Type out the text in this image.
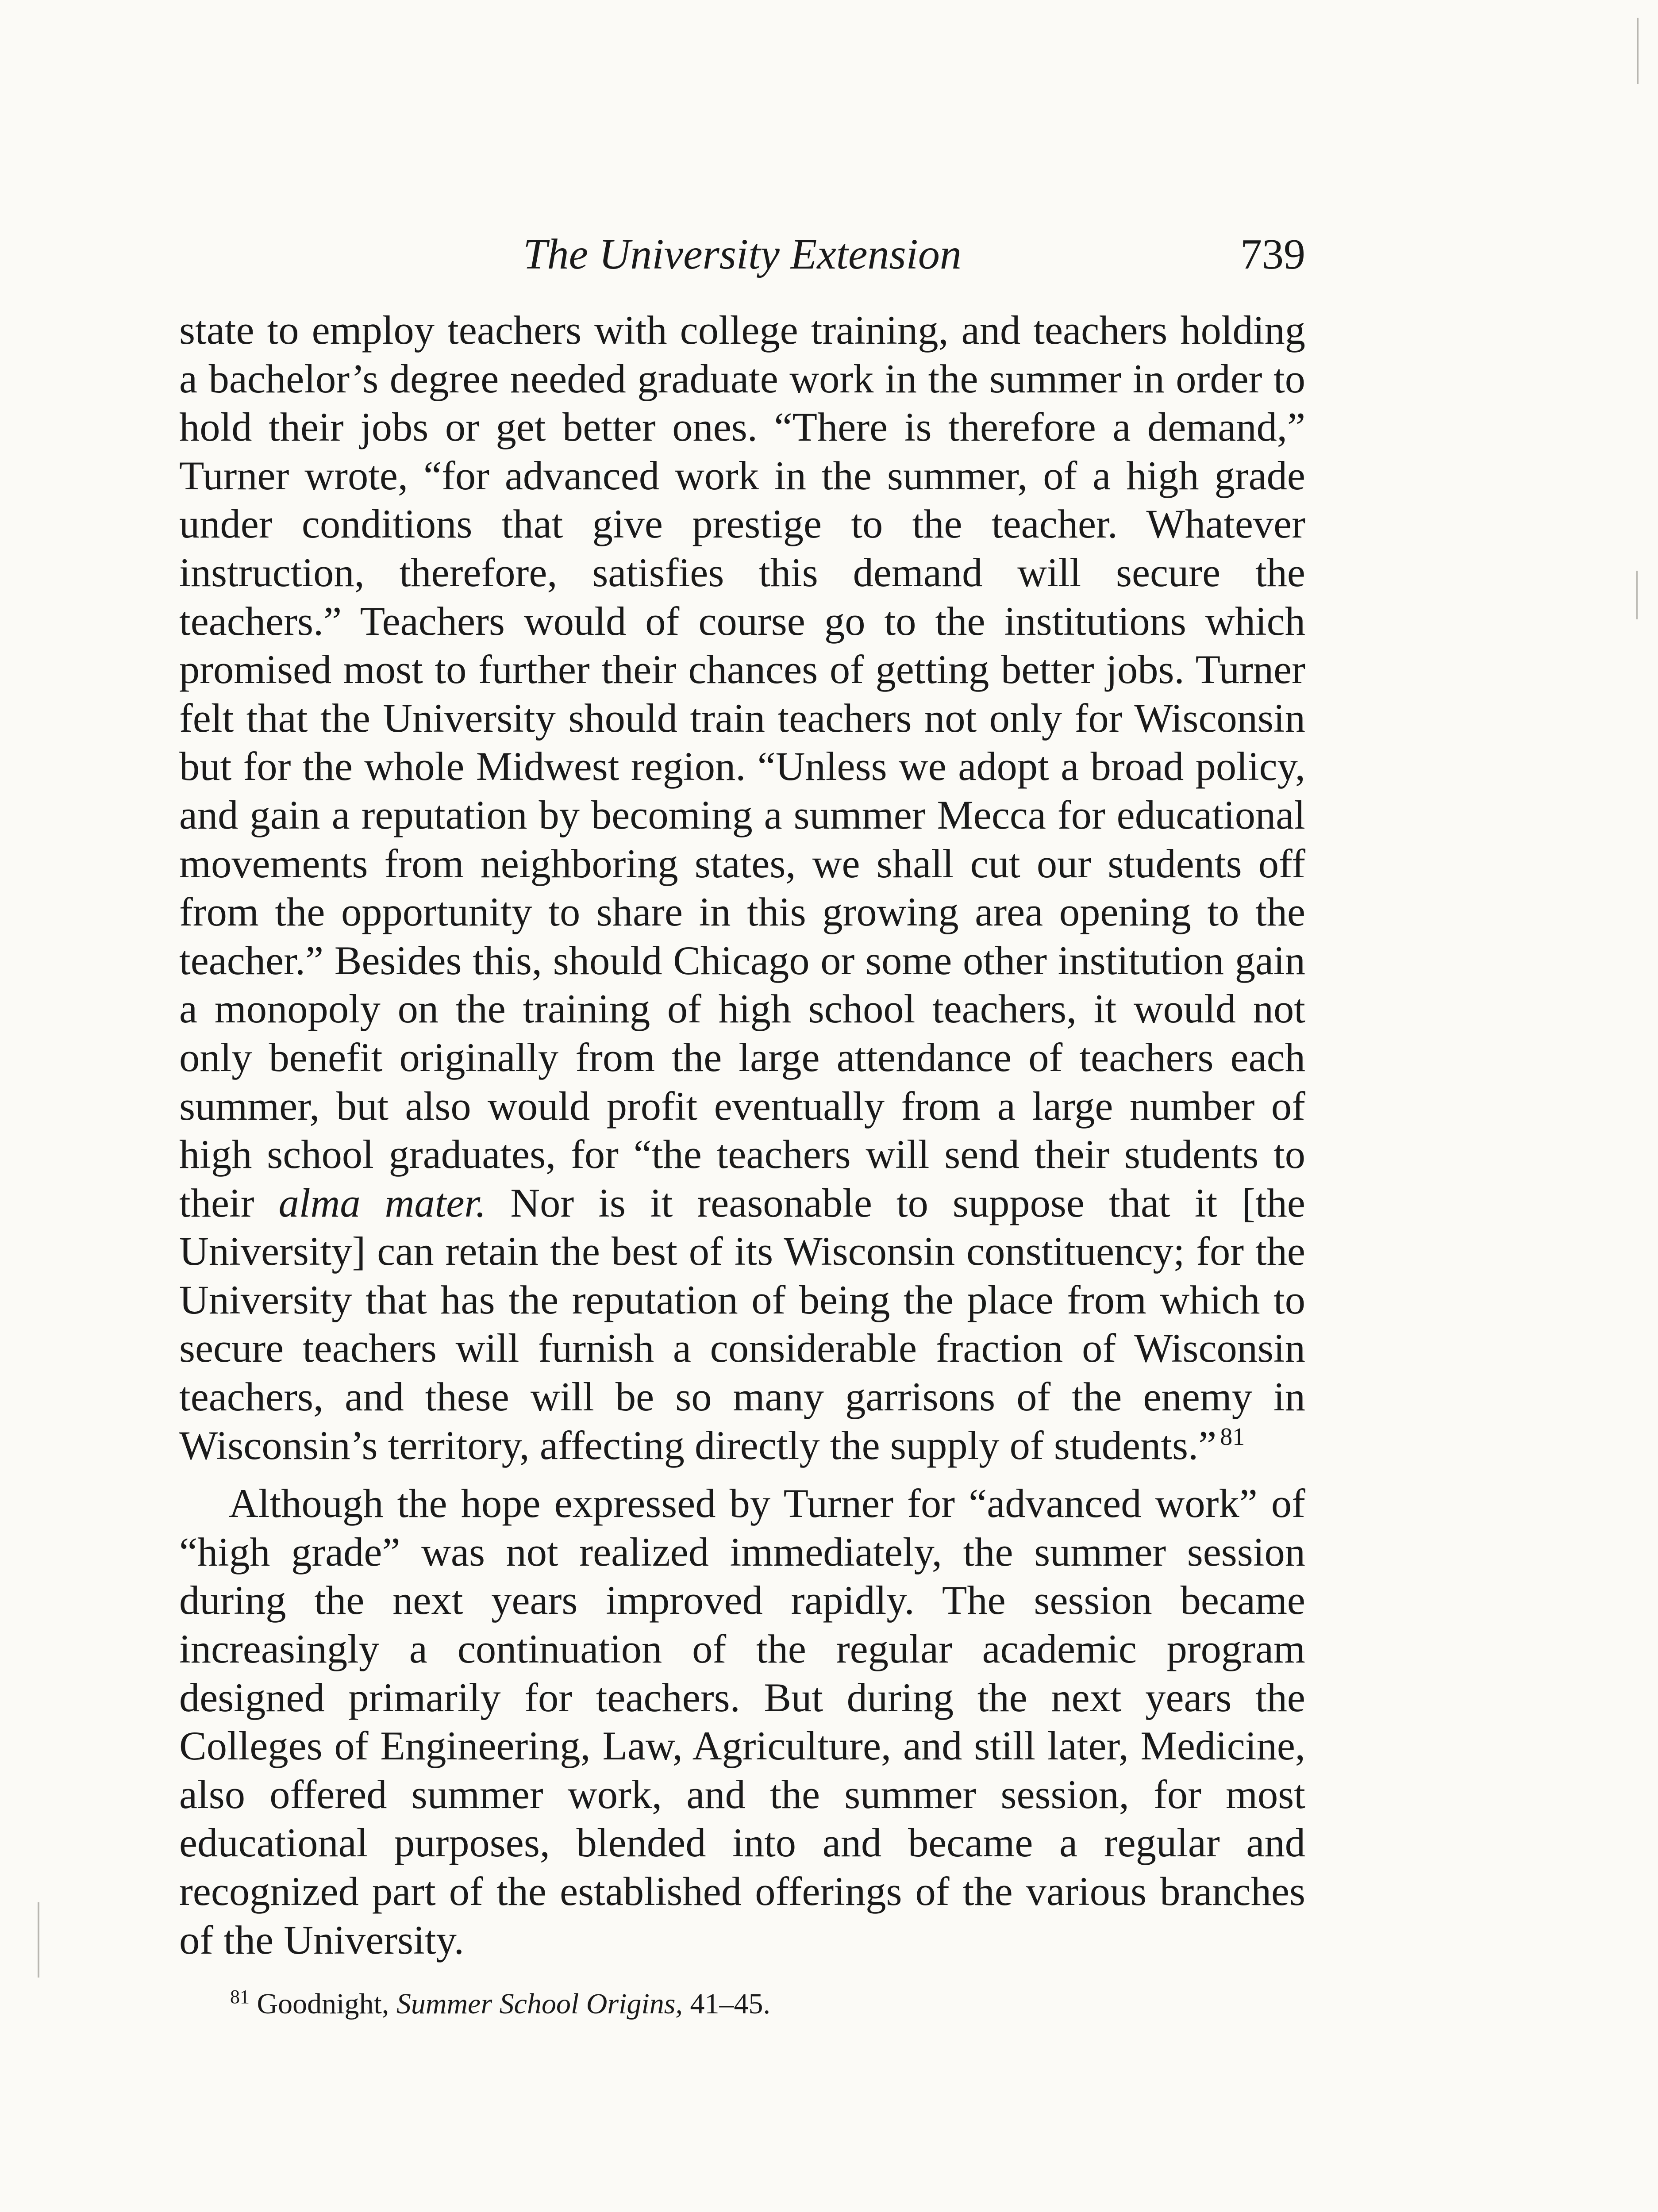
The University Extension	739

state to employ teachers with college training, and teachers holding a bachelor’s degree needed graduate work in the summer in order to hold their jobs or get better ones. “There is therefore a demand,” Turner wrote, “for advanced work in the summer, of a high grade under conditions that give prestige to the teacher. Whatever instruction, therefore, satisfies this demand will secure the teachers.” Teachers would of course go to the institutions which promised most to further their chances of getting better jobs. Turner felt that the University should train teachers not only for Wisconsin but for the whole Midwest region. “Unless we adopt a broad policy, and gain a reputation by becoming a summer Mecca for educational movements from neighboring states, we shall cut our students off from the opportunity to share in this growing area opening to the teacher.” Besides this, should Chicago or some other institution gain a monopoly on the training of high school teachers, it would not only benefit originally from the large attendance of teachers each summer, but also would profit eventually from a large number of high school graduates, for “the teachers will send their students to their alma mater. Nor is it reasonable to suppose that it [the University] can retain the best of its Wisconsin constituency; for the University that has the reputation of being the place from which to secure teachers will furnish a considerable fraction of Wisconsin teachers, and these will be so many garrisons of the enemy in Wisconsin’s territory, affecting directly the supply of students.” $^{81}$

Although the hope expressed by Turner for “advanced work” of “high grade” was not realized immediately, the summer session during the next years improved rapidly. The session became increasingly a continuation of the regular academic program designed primarily for teachers. But during the next years the Colleges of Engineering, Law, Agriculture, and still later, Medicine, also offered summer work, and the summer session, for most educational purposes, blended into and became a regular and recognized part of the established offerings of the various branches of the University.

$^{81}$ Goodnight, Summer School Origins, 41–45.
